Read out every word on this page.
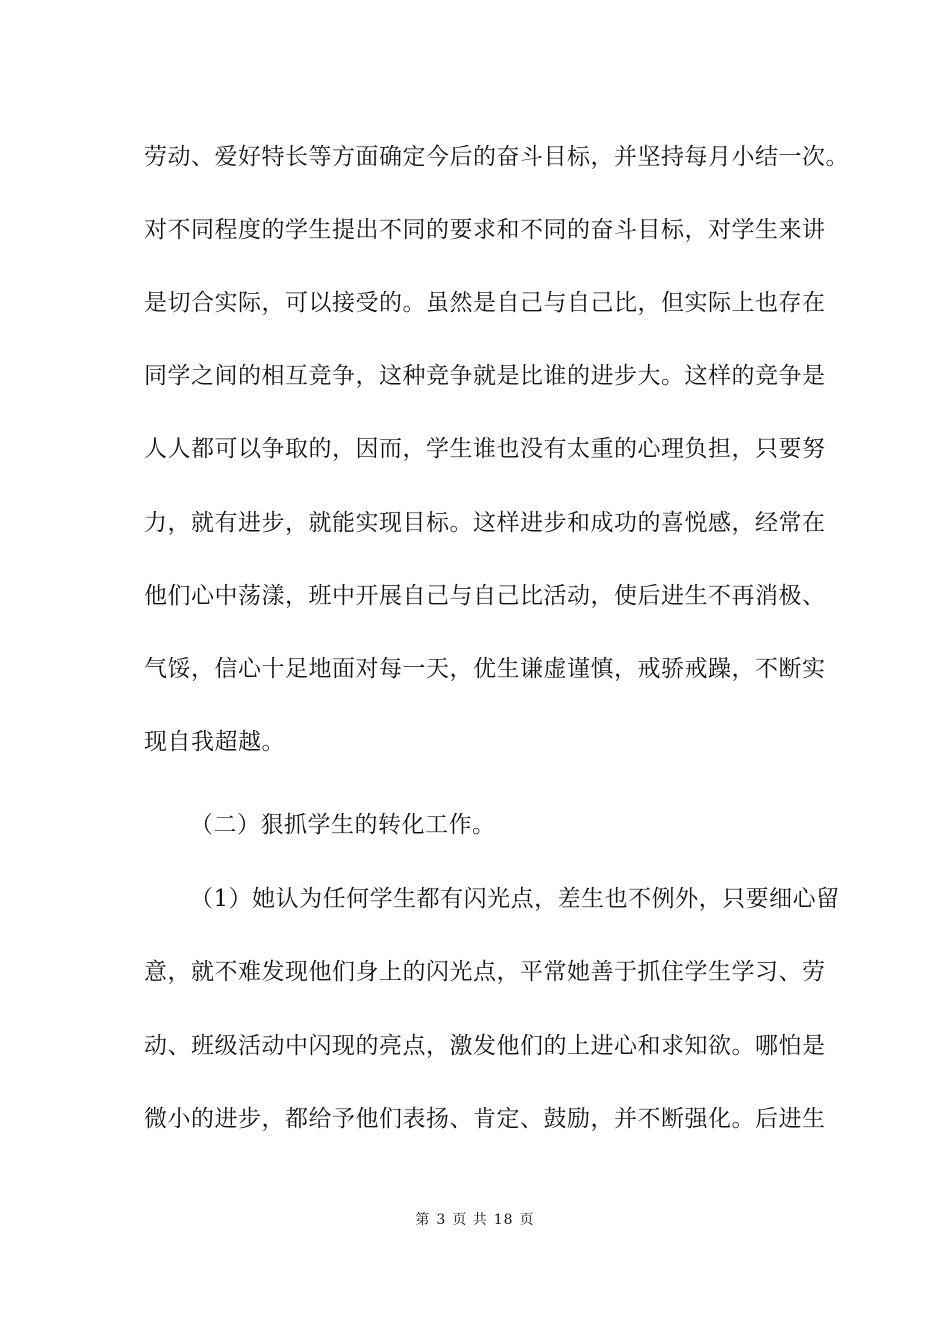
劳动、爱好特长等方面确定今后的奋斗目标，并坚持每月小结一次。
对不同程度的学生提出不同的要求和不同的奋斗目标，对学生来讲
是切合实际，可以接受的。虽然是自己与自己比，但实际上也存在
同学之间的相互竞争，这种竞争就是比谁的进步大。这样的竞争是
人人都可以争取的，因而，学生谁也没有太重的心理负担，只要努
力，就有进步，就能实现目标。这样进步和成功的喜悦感，经常在
他们心中荡漾，班中开展自己与自己比活动，使后进生不再消极、
气馁，信心十足地面对每一天，优生谦虚谨慎，戒骄戒躁，不断实
现自我超越。
（二）狠抓学生的转化工作。
（1）她认为任何学生都有闪光点，差生也不例外，只要细心留
意，就不难发现他们身上的闪光点，平常她善于抓住学生学习、劳
动、班级活动中闪现的亮点，激发他们的上进心和求知欲。哪怕是
微小的进步，都给予他们表扬、肯定、鼓励，并不断强化。后进生
第 3 页 共 18 页
